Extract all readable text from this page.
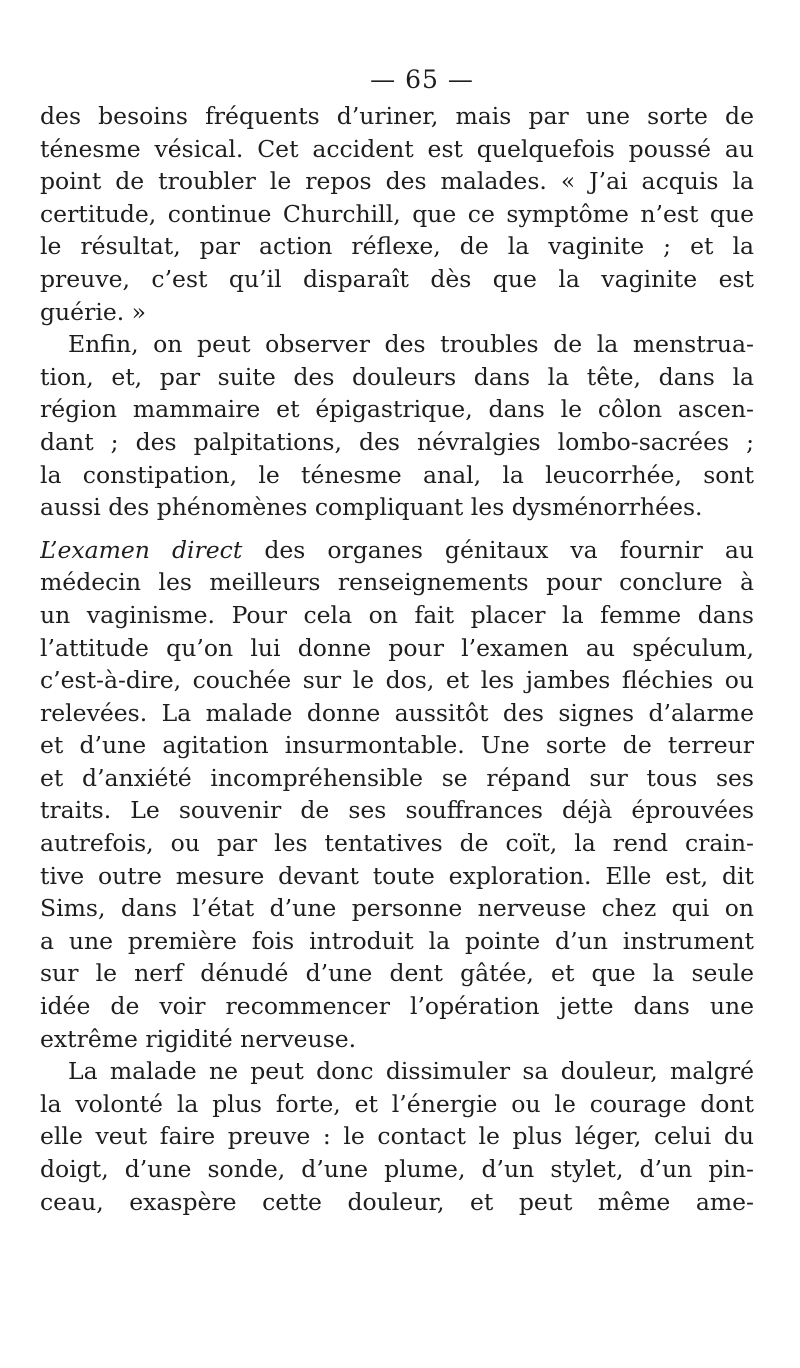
— 65 —
des besoins fréquents d’uriner, mais par une sorte de
ténesme vésical. Cet accident est quelquefois poussé au
point de troubler le repos des malades. « J’ai acquis la
certitude, continue Churchill, que ce symptôme n’est que
le résultat, par action réflexe, de la vaginite ; et la
preuve, c’est qu’il disparaît dès que la vaginite est
guérie. »
Enfin, on peut observer des troubles de la menstrua-
tion, et, par suite des douleurs dans la tête, dans la
région mammaire et épigastrique, dans le côlon ascen-
dant ; des palpitations, des névralgies lombo-sacrées ;
la constipation, le ténesme anal, la leucorrhée, sont
aussi des phénomènes compliquant les dysménorrhées.
L’examen direct des organes génitaux va fournir au
médecin les meilleurs renseignements pour conclure à
un vaginisme. Pour cela on fait placer la femme dans
l’attitude qu’on lui donne pour l’examen au spéculum,
c’est-à-dire, couchée sur le dos, et les jambes fléchies ou
relevées. La malade donne aussitôt des signes d’alarme
et d’une agitation insurmontable. Une sorte de terreur
et d’anxiété incompréhensible se répand sur tous ses
traits. Le souvenir de ses souffrances déjà éprouvées
autrefois, ou par les tentatives de coït, la rend crain-
tive outre mesure devant toute exploration. Elle est, dit
Sims, dans l’état d’une personne nerveuse chez qui on
a une première fois introduit la pointe d’un instrument
sur le nerf dénudé d’une dent gâtée, et que la seule
idée de voir recommencer l’opération jette dans une
extrême rigidité nerveuse.
La malade ne peut donc dissimuler sa douleur, malgré
la volonté la plus forte, et l’énergie ou le courage dont
elle veut faire preuve : le contact le plus léger, celui du
doigt, d’une sonde, d’une plume, d’un stylet, d’un pin-
ceau, exaspère cette douleur, et peut même ame-
